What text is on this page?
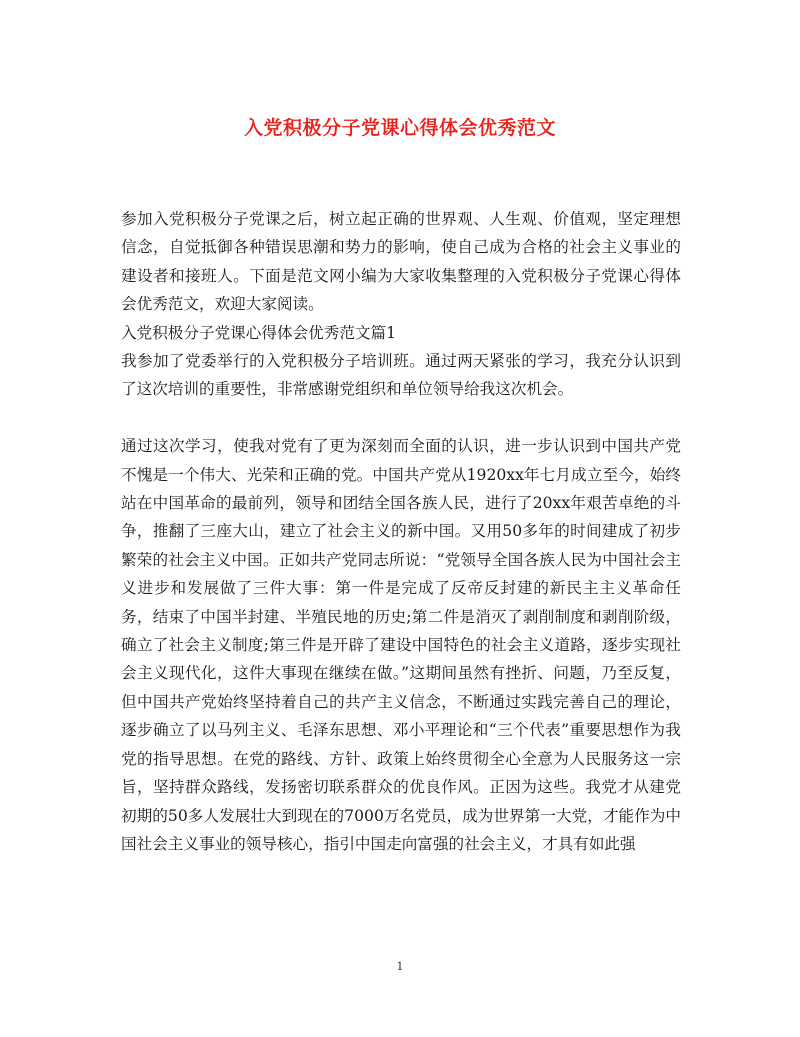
入党积极分子党课心得体会优秀范文

参加入党积极分子党课之后，树立起正确的世界观、人生观、价值观，坚定理想信念，自觉抵御各种错误思潮和势力的影响，使自己成为合格的社会主义事业的建设者和接班人。下面是范文网小编为大家收集整理的入党积极分子党课心得体会优秀范文，欢迎大家阅读。

入党积极分子党课心得体会优秀范文篇1

我参加了党委举行的入党积极分子培训班。通过两天紧张的学习，我充分认识到了这次培训的重要性，非常感谢党组织和单位领导给我这次机会。

通过这次学习，使我对党有了更为深刻而全面的认识，进一步认识到中国共产党不愧是一个伟大、光荣和正确的党。中国共产党从1920xx年七月成立至今，始终站在中国革命的最前列，领导和团结全国各族人民，进行了20xx年艰苦卓绝的斗争，推翻了三座大山，建立了社会主义的新中国。又用50多年的时间建成了初步繁荣的社会主义中国。正如共产党同志所说：“党领导全国各族人民为中国社会主义进步和发展做了三件大事：第一件是完成了反帝反封建的新民主主义革命任务，结束了中国半封建、半殖民地的历史;第二件是消灭了剥削制度和剥削阶级，确立了社会主义制度;第三件是开辟了建设中国特色的社会主义道路，逐步实现社会主义现代化，这件大事现在继续在做。”这期间虽然有挫折、问题，乃至反复，但中国共产党始终坚持着自己的共产主义信念，不断通过实践完善自己的理论，逐步确立了以马列主义、毛泽东思想、邓小平理论和“三个代表”重要思想作为我党的指导思想。在党的路线、方针、政策上始终贯彻全心全意为人民服务这一宗旨，坚持群众路线，发扬密切联系群众的优良作风。正因为这些。我党才从建党初期的50多人发展壮大到现在的7000万名党员，成为世界第一大党，才能作为中国社会主义事业的领导核心，指引中国走向富强的社会主义，才具有如此强

1
